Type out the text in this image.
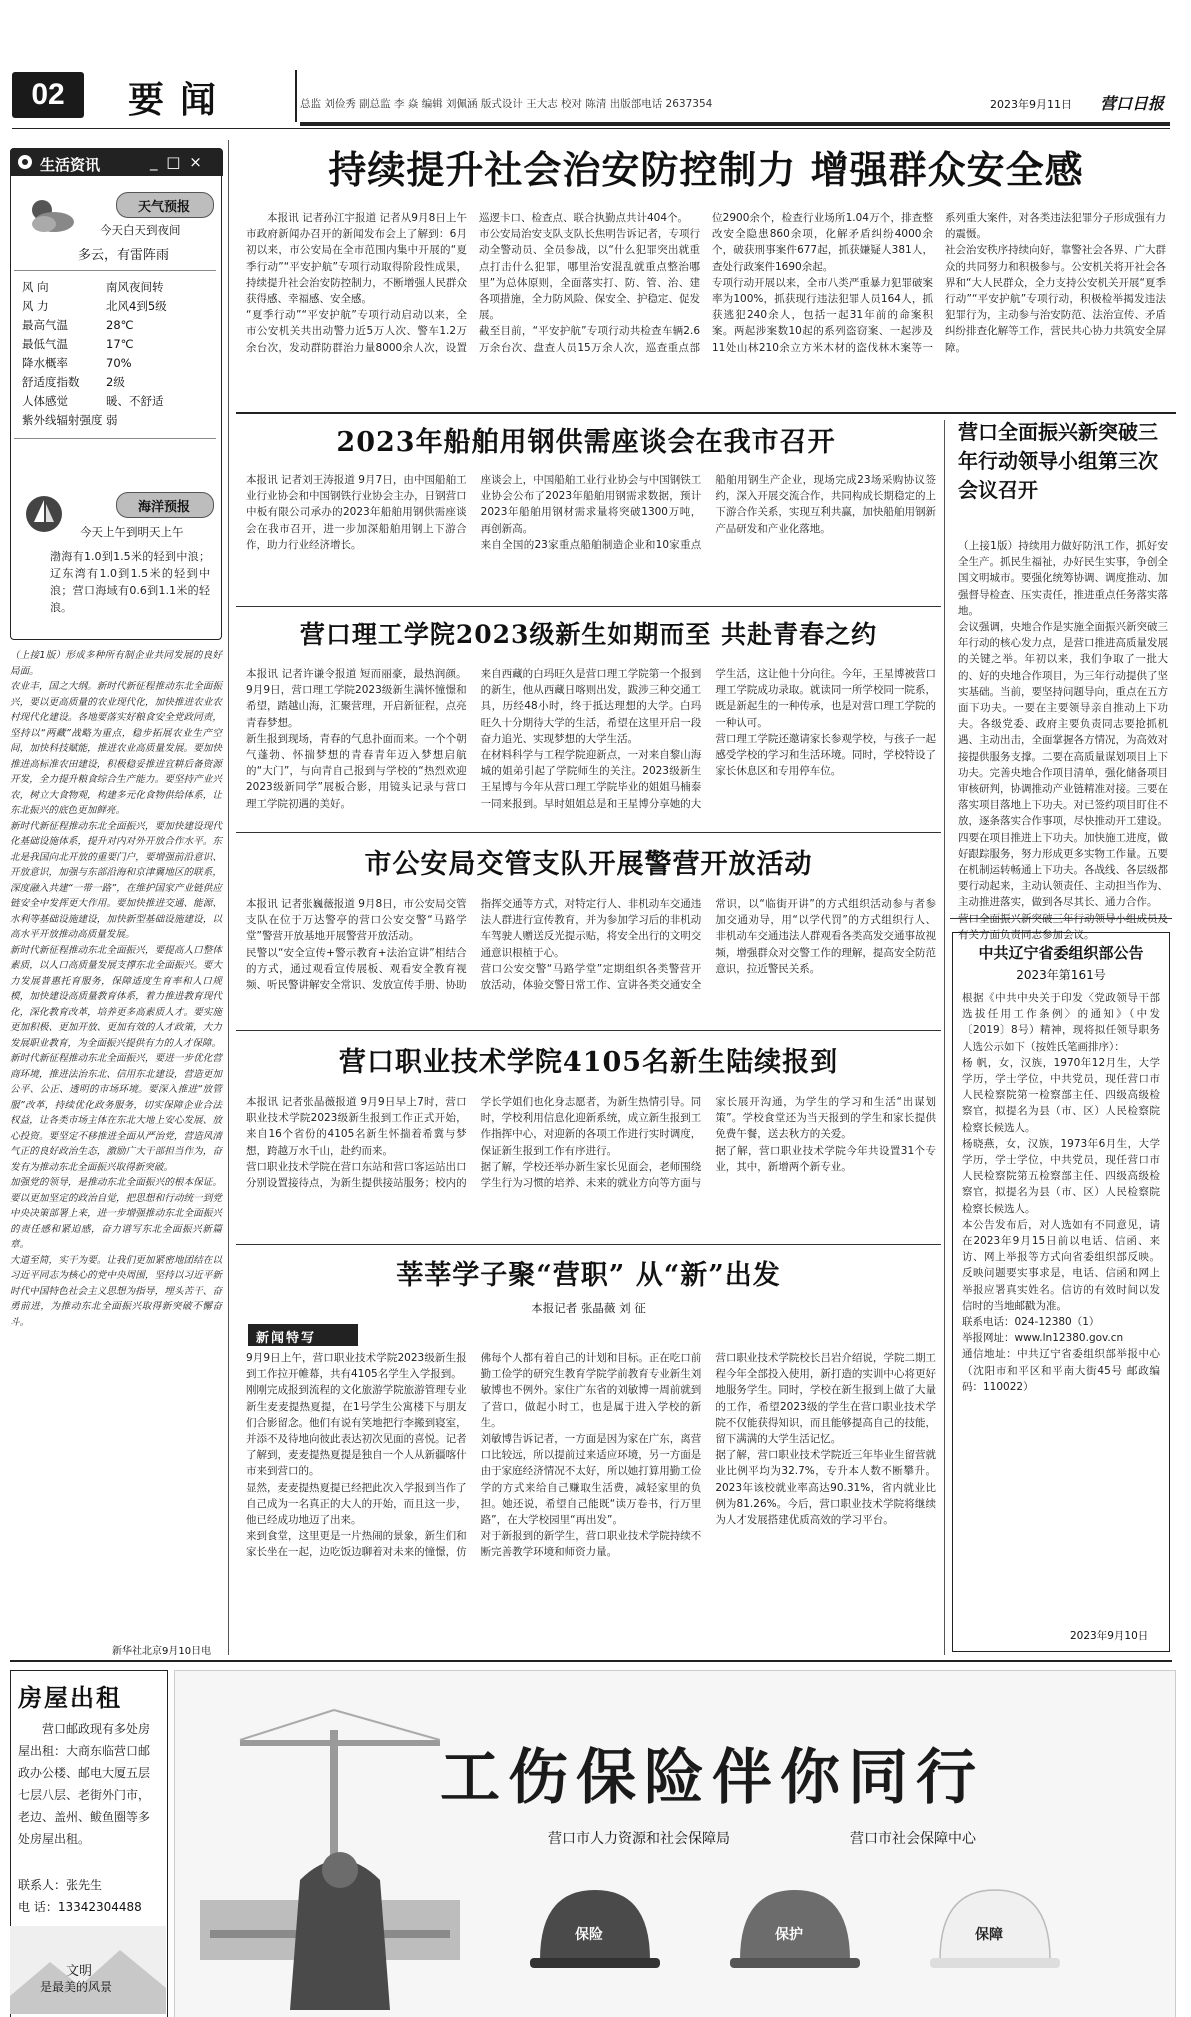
02	要闻	总监 刘俭秀 副总监 李 焱 编辑 刘佩涵 版式设计 王大志 校对 陈清 出版部电话 2637354	2023年9月11日 营口日报
生活资讯	_ □ ×
天气预报
今天白天到夜间
多云，有雷阵雨
风 向	南风夜间转
风 力	北风4到5级
最高气温	28℃
最低气温	17℃
降水概率	70%
舒适度指数	2级
人体感觉	暖、不舒适
紫外线辐射强度 弱
海洋预报
今天上午到明天上午
渤海有1.0到1.5米的轻到中浪；辽东湾有1.0到1.5米的轻到中浪；营口海域有0.6到1.1米的轻浪。
（上接1版）形成多种所有制企业共同发展的良好局面。
农业丰，国之大纲。新时代新征程推动东北全面振兴，要以更高质量的农业现代化，加快推进农业农村现代化建设。各地要落实好粮食安全党政同责，坚持以“两藏”战略为重点，稳步拓展农业生产空间，加快科技赋能，推进农业高质量发展。要加快推进高标准农田建设，积极稳妥推进宜耕后备资源开发，全力提升粮食综合生产能力。要坚持产业兴农，树立大食物观，构建多元化食物供给体系，让东北振兴的底色更加鲜亮。
新时代新征程推动东北全面振兴，要加快建设现代化基础设施体系，提升对内对外开放合作水平。东北是我国向北开放的重要门户，要增强前沿意识、开放意识，加强与东部沿海和京津冀地区的联系，深度融入共建“一带一路”，在维护国家产业链供应链安全中发挥更大作用。要加快推进交通、能源、水利等基础设施建设，加快新型基础设施建设，以高水平开放推动高质量发展。
新时代新征程推动东北全面振兴，要提高人口整体素质，以人口高质量发展支撑东北全面振兴。要大力发展普惠托育服务，保障适度生育率和人口规模，加快建设高质量教育体系，着力推进教育现代化，深化教育改革，培养更多高素质人才。要实施更加积极、更加开放、更加有效的人才政策，大力发展职业教育，为全面振兴提供有力的人才保障。
新时代新征程推动东北全面振兴，要进一步优化营商环境，推进法治东北、信用东北建设，营造更加公平、公正、透明的市场环境。要深入推进“放管服”改革，持续优化政务服务，切实保障企业合法权益，让各类市场主体在东北大地上安心发展、放心投资。要坚定不移推进全面从严治党，营造风清气正的良好政治生态，激励广大干部担当作为，奋发有为推动东北全面振兴取得新突破。
加强党的领导，是推动东北全面振兴的根本保证。要以更加坚定的政治自觉，把思想和行动统一到党中央决策部署上来，进一步增强推动东北全面振兴的责任感和紧迫感，奋力谱写东北全面振兴新篇章。
大道至简，实干为要。让我们更加紧密地团结在以习近平同志为核心的党中央周围，坚持以习近平新时代中国特色社会主义思想为指导，埋头苦干、奋勇前进，为推动东北全面振兴取得新突破不懈奋斗。
新华社北京9月10日电
持续提升社会治安防控制力 增强群众安全感
本报讯 记者孙江宇报道 记者从9月8日上午市政府新闻办召开的新闻发布会上了解到：6月初以来，市公安局在全市范围内集中开展的“夏季行动”“平安护航”专项行动取得阶段性成果，持续提升社会治安防控制力，不断增强人民群众获得感、幸福感、安全感。
“夏季行动”“平安护航”专项行动启动以来，全市公安机关共出动警力近5万人次、警车1.2万余台次，发动群防群治力量8000余人次，设置巡逻卡口、检查点、联合执勤点共计404个。
市公安局治安支队支队长焦明告诉记者，专项行动全警动员、全员参战，以“什么犯罪突出就重点打击什么犯罪，哪里治安混乱就重点整治哪里”为总体原则，全面落实打、防、管、治、建各项措施，全力防风险、保安全、护稳定、促发展。
截至目前，“平安护航”专项行动共检查车辆2.6万余台次、盘查人员15万余人次，巡查重点部位2900余个，检查行业场所1.04万个，排查整改安全隐患860余项，化解矛盾纠纷4000余个，破获刑事案件677起，抓获嫌疑人381人，查处行政案件1690余起。
专项行动开展以来，全市八类严重暴力犯罪破案率为100%，抓获现行违法犯罪人员164人，抓获逃犯240余人，包括一起31年前的命案积案。两起涉案数10起的系列盗窃案、一起涉及11处山林210余立方米木材的盗伐林木案等一系列重大案件，对各类违法犯罪分子形成强有力的震慑。
社会治安秩序持续向好，靠警社会各界、广大群众的共同努力和积极参与。公安机关将开社会各界和“大人民群众，全力支持公安机关开展“夏季行动”“平安护航”专项行动，积极检举揭发违法犯罪行为，主动参与治安防范、法治宣传、矛盾纠纷排查化解等工作，营民共心协力共筑安全屏障。
2023年船舶用钢供需座谈会在我市召开
本报讯 记者刘王涛报道 9月7日，由中国船舶工业行业协会和中国钢铁行业协会主办，日钢营口中板有限公司承办的2023年船舶用钢供需座谈会在我市召开，进一步加深船舶用钢上下游合作，助力行业经济增长。
座谈会上，中国船舶工业行业协会与中国钢铁工业协会公布了2023年船舶用钢需求数据，预计2023年船舶用钢材需求量将突破1300万吨，再创新高。
来自全国的23家重点船舶制造企业和10家重点船舶用钢生产企业，现场完成23场采购协议签约，深入开展交流合作，共同构成长期稳定的上下游合作关系，实现互利共赢，加快船舶用钢新产品研发和产业化落地。
营口理工学院2023级新生如期而至 共赴青春之约
本报讯 记者许谦令报道 短而丽豪，最热润颜。9月9日，营口理工学院2023级新生满怀憧憬和希望，踏越山海，汇聚营理，开启新征程，点亮青春梦想。
新生报到现场，青春的气息扑面而来。一个个朝气蓬勃、怀揣梦想的青春青年迈入梦想启航的“大门”，与向青自己报到与学校的“热烈欢迎2023级新同学”展板合影，用镜头记录与营口理工学院初遇的美好。
来自西藏的白玛旺久是营口理工学院第一个报到的新生，他从西藏日喀则出发，跋涉三种交通工具，历经48小时，终于抵达理想的大学。白玛旺久十分期待大学的生活，希望在这里开启一段奋力追光、实现梦想的大学生活。
在材料科学与工程学院迎新点，一对来自黎山海城的姐弟引起了学院师生的关注。2023级新生王星博与今年从营口理工学院毕业的姐姐马楠泰一同来报到。早时姐姐总是和王星博分享她的大学生活，这让他十分向往。今年，王星博被营口理工学院成功录取。就读同一所学校同一院系，既是新起生的一种传承，也是对营口理工学院的一种认可。
营口理工学院还邀请家长参观学校，与孩子一起感受学校的学习和生活环境。同时，学校特设了家长休息区和专用停车位。
市公安局交管支队开展警营开放活动
本报讯 记者张巍薇报道 9月8日，市公安局交管支队在位于万达警亭的营口公安交警“马路学堂”警营开放基地开展警营开放活动。
民警以“安全宣传+警示教育+法治宣讲”相结合的方式，通过观看宣传展板、观看安全教育视频、听民警讲解安全常识、发放宣传手册、协助指挥交通等方式，对特定行人、非机动车交通违法人群进行宣传教育，并为参加学习后的非机动车驾驶人赠送反光提示贴，将安全出行的文明交通意识根植于心。
营口公安交警“马路学堂”定期组织各类警营开放活动，体验交警日常工作、宣讲各类交通安全常识，以“临街开讲”的方式组织活动参与者参加交通劝导，用“以学代罚”的方式组织行人、非机动车交通违法人群观看各类高发交通事故视频，增强群众对交警工作的理解，提高安全防范意识，拉近警民关系。
营口职业技术学院4105名新生陆续报到
本报讯 记者张晶薇报道 9月9日早上7时，营口职业技术学院2023级新生报到工作正式开始，来自16个省份的4105名新生怀揣着希冀与梦想，跨越万水千山，赴约而来。
营口职业技术学院在营口东站和营口客运站出口分别设置接待点，为新生提供接站服务；校内的学长学姐们也化身志愿者，为新生热情引导。同时，学校利用信息化迎新系统，成立新生报到工作指挥中心，对迎新的各项工作进行实时调度，保证新生报到工作有序进行。
据了解，学校还举办新生家长见面会，老师围绕学生行为习惯的培养、未来的就业方向等方面与家长展开沟通，为学生的学习和生活“出谋划策”。学校食堂还为当天报到的学生和家长提供免费午餐，送去秋方的关爱。
据了解，营口职业技术学院今年共设置31个专业，其中，新增两个新专业。
莘莘学子聚“营职” 从“新”出发
本报记者 张晶薇 刘 征
新闻特写
9月9日上午，营口职业技术学院2023级新生报到工作拉开帷幕，共有4105名学生入学报到。
刚刚完成报到流程的文化旅游学院旅游管理专业新生麦麦提热夏提，在1号学生公寓楼下与朋友们合影留念。他们有说有笑地把行李搬到寝室，并添不及待地向彼此表达初次见面的喜悦。记者了解到，麦麦提热夏提是独自一个人从新疆喀什市来到营口的。
显然，麦麦提热夏提已经把此次入学报到当作了自己成为一名真正的大人的开始，而且这一步，他已经成功地迈了出来。
来到食堂，这里更是一片热闹的景象，新生们和家长坐在一起，边吃饭边聊着对未来的憧憬，仿佛每个人都有着自己的计划和目标。正在吃口前勤工俭学的研究生教育学院学前教育专业新生刘敏博也不例外。家住广东省的刘敏博一周前就到了营口，做起小时工，也是属于进入学校的新生。
刘敏博告诉记者，一方面是因为家在广东，离营口比较远，所以提前过来适应环境，另一方面是由于家庭经济情况不太好，所以她打算用勤工俭学的方式来给自己赚取生活费，减轻家里的负担。她还说，希望自己能既“读万卷书，行万里路”，在大学校园里“再出发”。
对于新报到的新学生，营口职业技术学院持续不断完善教学环境和师资力量。
营口职业技术学院校长吕岩介绍说，学院二期工程今年全部投入使用，新打造的实训中心将更好地服务学生。同时，学校在新生报到上做了大量的工作，希望2023级的学生在营口职业技术学院不仅能获得知识，而且能够提高自己的技能，留下满满的大学生活记忆。
据了解，营口职业技术学院近三年毕业生留营就业比例平均为32.7%，专升本人数不断攀升。2023年该校就业率高达90.31%，省内就业比例为81.26%。今后，营口职业技术学院将继续为人才发展搭建优质高效的学习平台。
营口全面振兴新突破三年行动领导小组第三次会议召开
（上接1版）持续用力做好防汛工作，抓好安全生产。抓民生福祉，办好民生实事，争创全国文明城市。要强化统筹协调、调度推动、加强督导检查、压实责任，推进重点任务落实落地。
会议强调，央地合作是实施全面振兴新突破三年行动的核心发力点，是营口推进高质量发展的关键之举。年初以来，我们争取了一批大的、好的央地合作项目，为三年行动提供了坚实基础。当前，要坚持问题导向，重点在五方面下功夫。一要在主要领导亲自推动上下功夫。各级党委、政府主要负责同志要抢抓机遇、主动出击，全面掌握各方情况，为高效对接提供服务支撑。二要在高质量谋划项目上下功夫。完善央地合作项目清单，强化储备项目审核研判，协调推动产业链精准对接。三要在落实项目落地上下功夫。对已签约项目盯住不放，逐条落实合作事项，尽快推动开工建设。四要在项目推进上下功夫。加快施工进度，做好跟踪服务，努力形成更多实物工作量。五要在机制运转畅通上下功夫。各战线、各层级都要行动起来，主动认领责任、主动担当作为、主动推进落实，做到各尽其长、通力合作。
营口全面振兴新突破三年行动领导小组成员及有关方面负责同志参加会议。
中共辽宁省委组织部公告
2023年第161号
根据《中共中央关于印发〈党政领导干部选拔任用工作条例〉的通知》（中发〔2019〕8号）精神，现将拟任领导职务人选公示如下（按姓氏笔画排序）：
杨 帆，女，汉族，1970年12月生，大学学历，学士学位，中共党员，现任营口市人民检察院第一检察部主任、四级高级检察官，拟提名为县（市、区）人民检察院检察长候选人。
杨晓燕，女，汉族，1973年6月生，大学学历，学士学位，中共党员，现任营口市人民检察院第五检察部主任、四级高级检察官，拟提名为县（市、区）人民检察院检察长候选人。
本公告发布后，对人选如有不同意见，请在2023年9月15日前以电话、信函、来访、网上举报等方式向省委组织部反映。反映问题要实事求是，电话、信函和网上举报应署真实姓名。信访的有效时间以发信时的当地邮戳为准。
联系电话：024-12380（1）
举报网址：www.ln12380.gov.cn
通信地址：中共辽宁省委组织部举报中心（沈阳市和平区和平南大街45号 邮政编码：110022）
2023年9月10日
房屋出租
营口邮政现有多处房屋出租：大商东临营口邮政办公楼、邮电大厦五层七层八层、老街外门市，老边、盖州、鲅鱼圈等多处房屋出租。
联系人：张先生
电 话：13342304488
文明
是最美的风景
工伤保险伴你同行
营口市人力资源和社会保障局	营口市社会保障中心
保险	保护	保障
